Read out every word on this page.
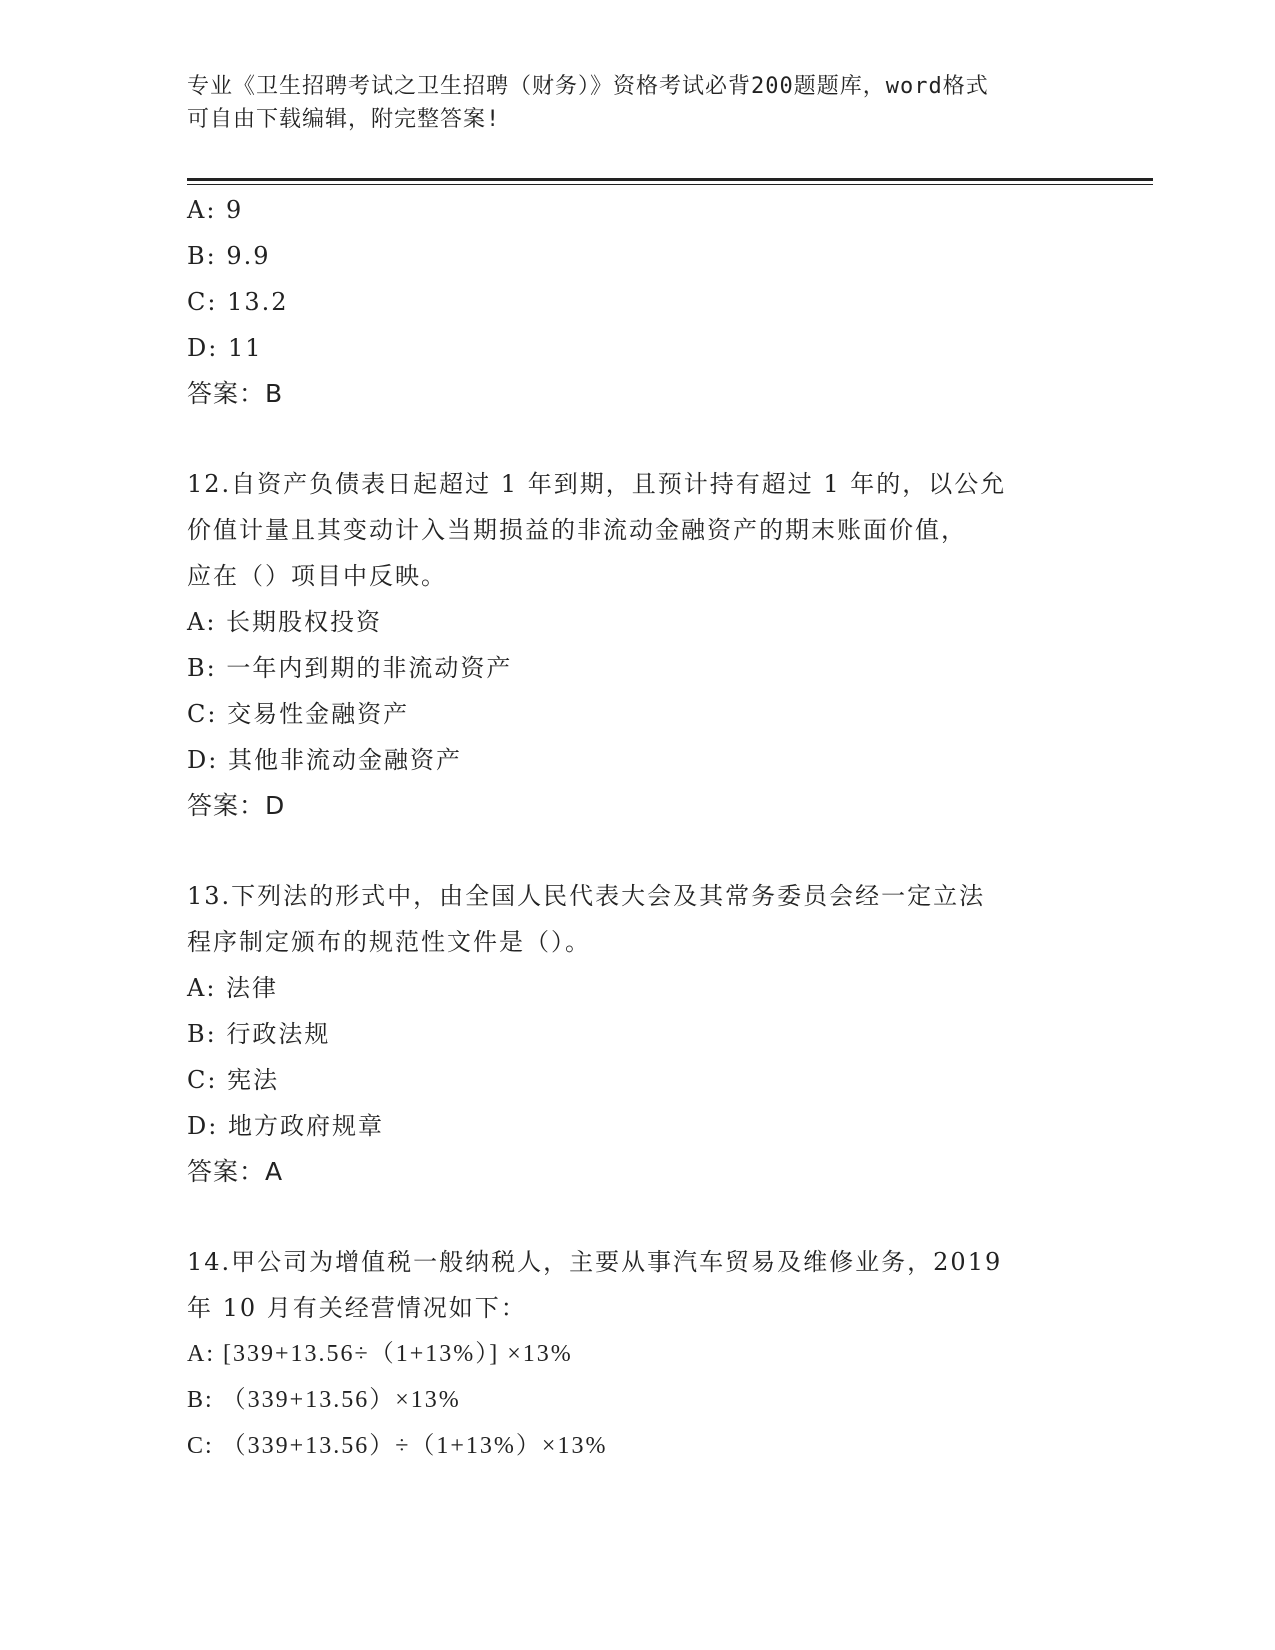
专业《卫生招聘考试之卫生招聘（财务）》资格考试必背200题题库，word格式
可自由下载编辑，附完整答案!
A: 9
B: 9.9
C: 13.2
D: 11
答案：B
12.自资产负债表日起超过 1 年到期，且预计持有超过 1 年的，以公允
价值计量且其变动计入当期损益的非流动金融资产的期末账面价值，
应在（）项目中反映。
A: 长期股权投资
B: 一年内到期的非流动资产
C: 交易性金融资产
D: 其他非流动金融资产
答案：D
13.下列法的形式中，由全国人民代表大会及其常务委员会经一定立法
程序制定颁布的规范性文件是（）。
A: 法律
B: 行政法规
C: 宪法
D: 地方政府规章
答案：A
14.甲公司为增值税一般纳税人，主要从事汽车贸易及维修业务，2019
年 10 月有关经营情况如下：
A: [339+13.56÷（1+13%）] ×13%
B: （339+13.56）×13%
C: （339+13.56）÷（1+13%）×13%
